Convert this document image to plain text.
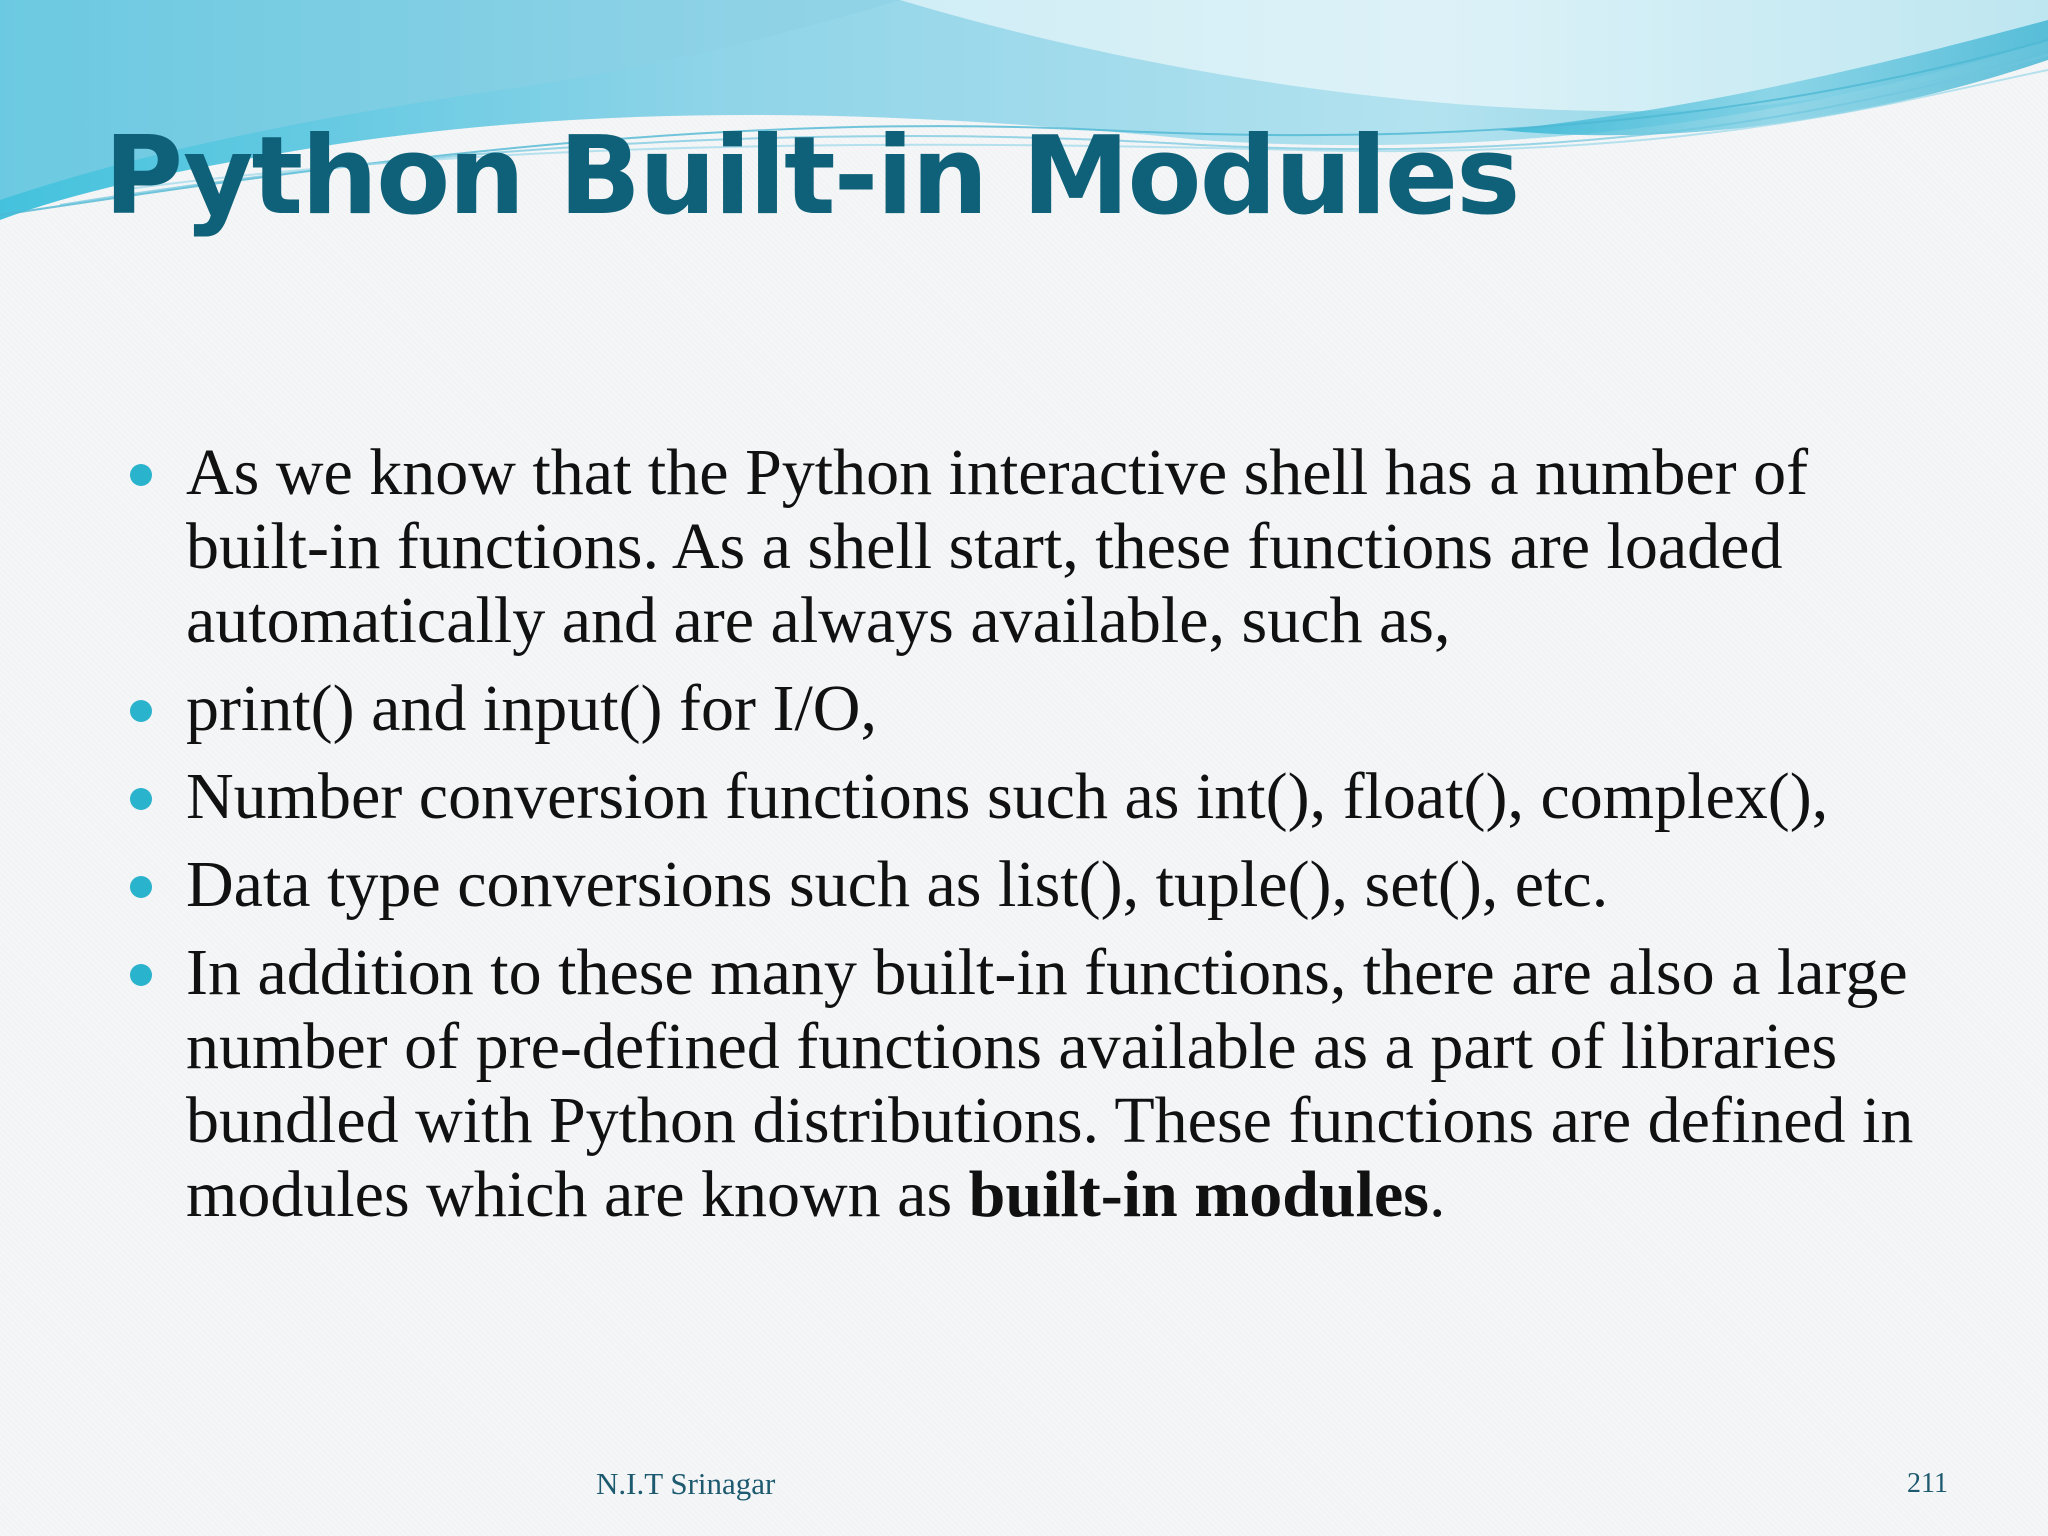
Python Built-in Modules
As we know that the Python interactive shell has a number of built-in functions. As a shell start, these functions are loaded automatically and are always available, such as,
print() and input() for I/O,
Number conversion functions such as int(), float(), complex(),
Data type conversions such as list(), tuple(), set(), etc.
In addition to these many built-in functions, there are also a large number of pre-defined functions available as a part of libraries bundled with Python distributions. These functions are defined in modules which are known as built-in modules.
N.I.T Srinagar	211
